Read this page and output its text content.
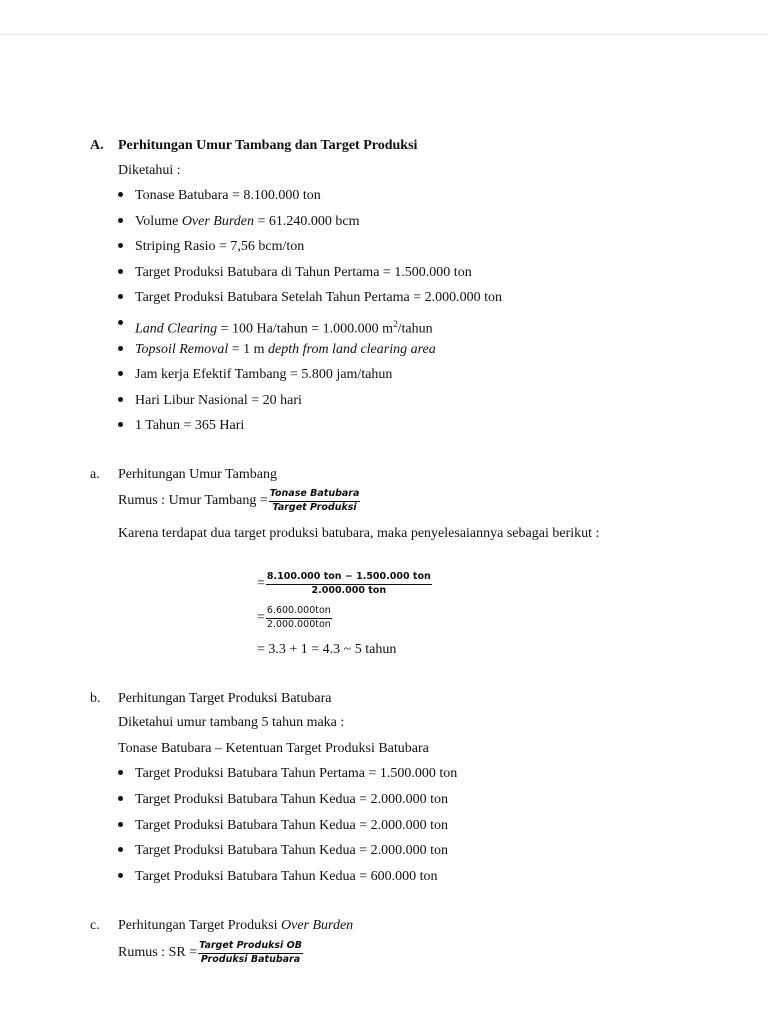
A. Perhitungan Umur Tambang dan Target Produksi
Diketahui :
Tonase Batubara = 8.100.000 ton
Volume Over Burden = 61.240.000 bcm
Striping Rasio = 7,56 bcm/ton
Target Produksi Batubara di Tahun Pertama = 1.500.000 ton
Target Produksi Batubara Setelah Tahun Pertama = 2.000.000 ton
Land Clearing = 100 Ha/tahun = 1.000.000 $m^2$/tahun
Topsoil Removal = 1 m depth from land clearing area
Jam kerja Efektif Tambang = 5.800 jam/tahun
Hari Libur Nasional = 20 hari
1 Tahun = 365 Hari
a. Perhitungan Umur Tambang
Rumus : Umur Tambang = $\frac{\text{Tonase Batubara}}{\text{Target Produksi}}$
Karena terdapat dua target produksi batubara, maka penyelesaiannya sebagai berikut :
= $\frac{\text{8.100.000 ton − 1.500.000 ton}}{\text{2.000.000 ton}}$
= $\frac{\text{6.600.000ton}}{\text{2.000.000ton}}$
= 3.3 + 1 = 4.3 ~ 5 tahun
b. Perhitungan Target Produksi Batubara
Diketahui umur tambang 5 tahun maka :
Tonase Batubara – Ketentuan Target Produksi Batubara
Target Produksi Batubara Tahun Pertama = 1.500.000 ton
Target Produksi Batubara Tahun Kedua = 2.000.000 ton
Target Produksi Batubara Tahun Kedua = 2.000.000 ton
Target Produksi Batubara Tahun Kedua = 2.000.000 ton
Target Produksi Batubara Tahun Kedua = 600.000 ton
c. Perhitungan Target Produksi Over Burden
Rumus : SR = $\frac{\text{Target Produksi OB}}{\text{Produksi Batubara}}$
